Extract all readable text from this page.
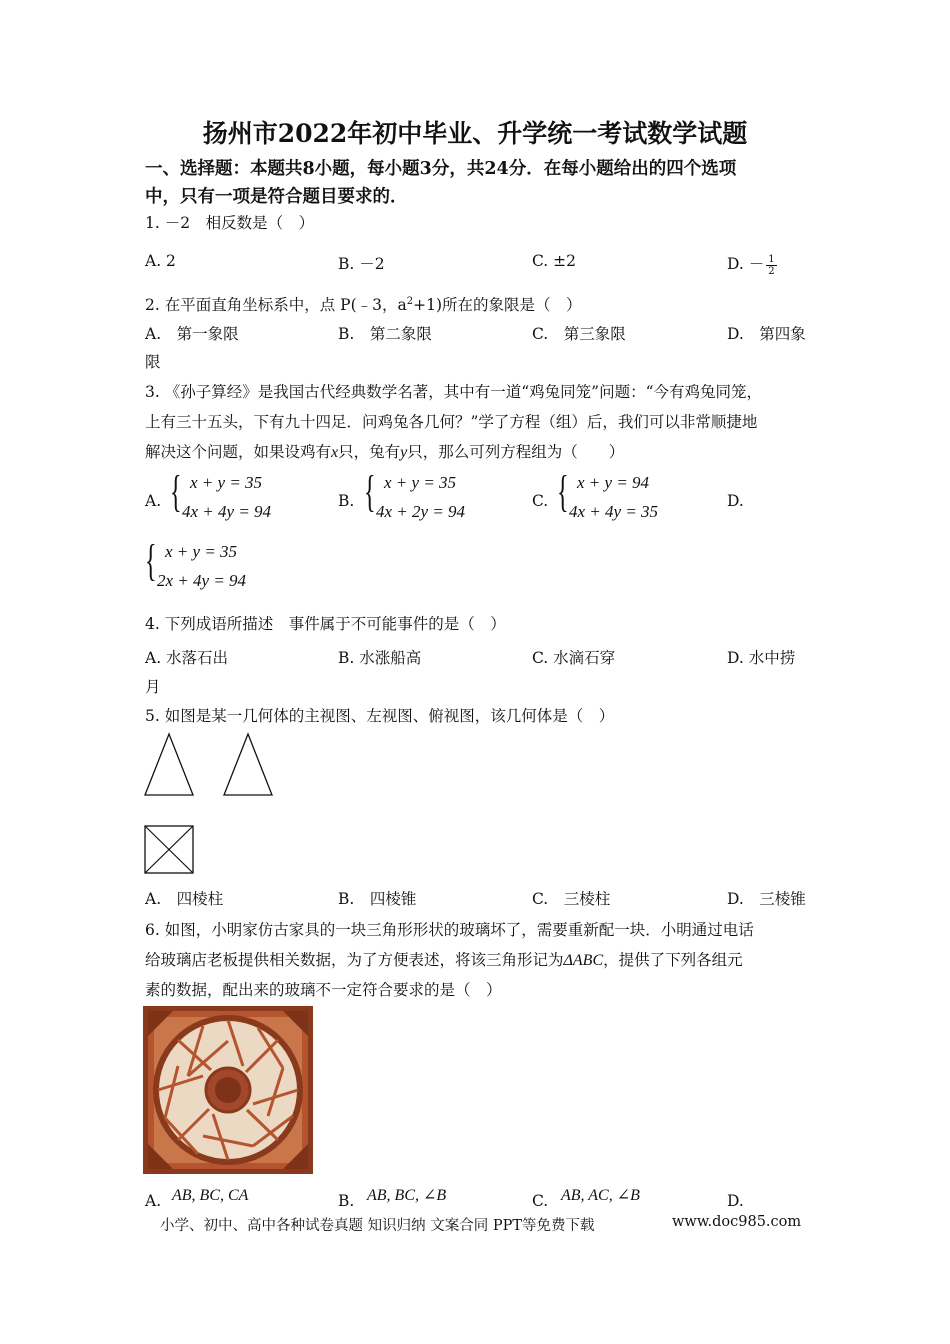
扬州市2022年初中毕业、升学统一考试数学试题
一、选择题：本题共8小题，每小题3分，共24分．在每小题给出的四个选项
中，只有一项是符合题目要求的．
1. －2　相反数是（　）
A. 2	B. －2	C. ±2	D. － $\frac{1}{2}$
2. 在平面直角坐标系中，点 P(﹣3，$a^2+1$)所在的象限是（　）
A.　第一象限	B.　第二象限	C.　第三象限	D.　第四象
限
3. 《孙子算经》是我国古代经典数学名著，其中有一道“鸡兔同笼”问题：“今有鸡兔同笼，
上有三十五头，下有九十四足．问鸡兔各几何？”学了方程（组）后，我们可以非常顺捷地
解决这个问题，如果设鸡有x只，兔有y只，那么可列方程组为（　　）
A. { x + y = 35
4x + 4y = 94
B. { x + y = 35
4x + 2y = 94
C. { x + y = 94
4x + 4y = 35
D.
{ x + y = 35
2x + 4y = 94
4. 下列成语所描述　事件属于不可能事件的是（　）
A. 水落石出	B. 水涨船高	C. 水滴石穿	D. 水中捞
月
5. 如图是某一几何体的主视图、左视图、俯视图，该几何体是（　）
A.　四棱柱	B.　四棱锥	C.　三棱柱	D.　三棱锥
6. 如图，小明家仿古家具的一块三角形形状的玻璃坏了，需要重新配一块．小明通过电话
给玻璃店老板提供相关数据，为了方便表述，将该三角形记为ΔABC，提供了下列各组元
素的数据，配出来的玻璃不一定符合要求的是（　）
A. AB, BC, CA	B. AB, BC, ∠B	C. AB, AC, ∠B	D.
小学、初中、高中各种试卷真题 知识归纳 文案合同 PPT等免费下载	www.doc985.com
